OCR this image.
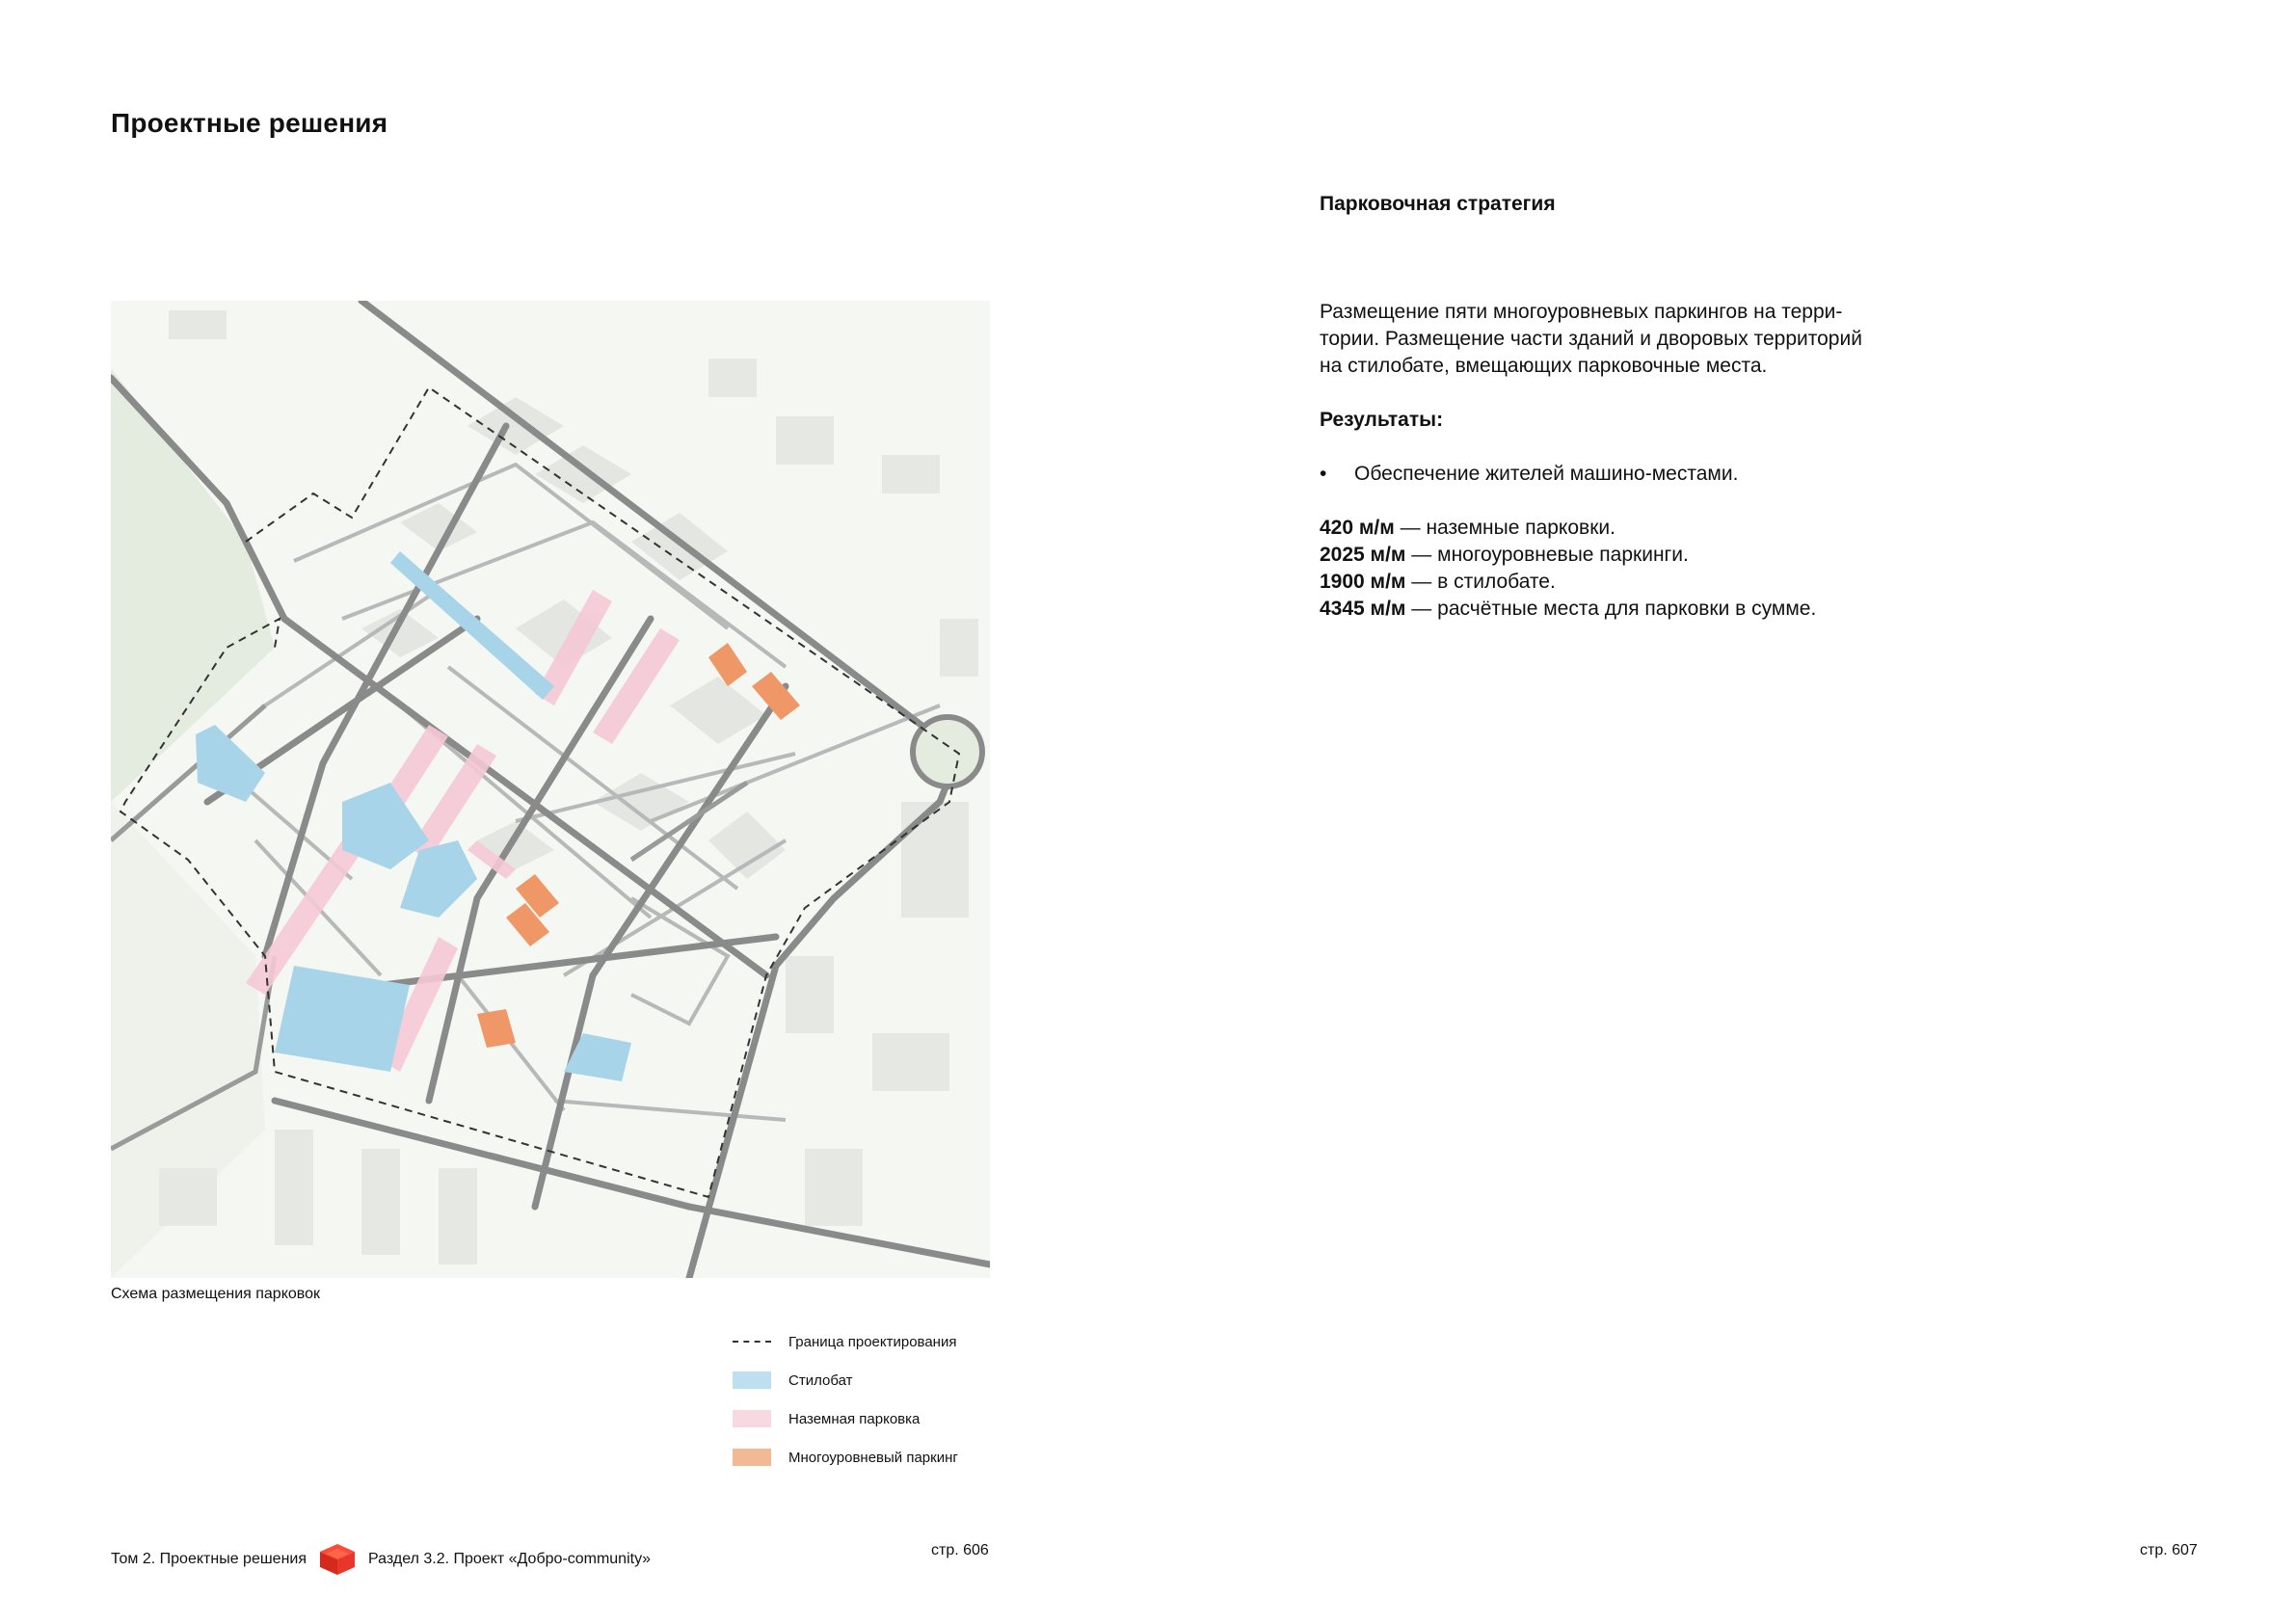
Проектные решения
Схема размещения парковок
Граница проектирования
Стилобат
Наземная парковка
Многоуровневый паркинг
Том 2. Проектные решения	Раздел 3.2. Проект «Добро-community»
стр. 606	стр. 607
Парковочная стратегия

Размещение пяти многоуровневых паркингов на терри-

тории. Размещение части зданий и дворовых территорий

на стилобате, вмещающих парковочные места.

Результаты:

•	Обеспечение жителей машино-местами.

420 м/м — наземные парковки.

2025 м/м — многоуровневые паркинги.

1900 м/м — в стилобате.

4345 м/м — расчётные места для парковки в сумме.
